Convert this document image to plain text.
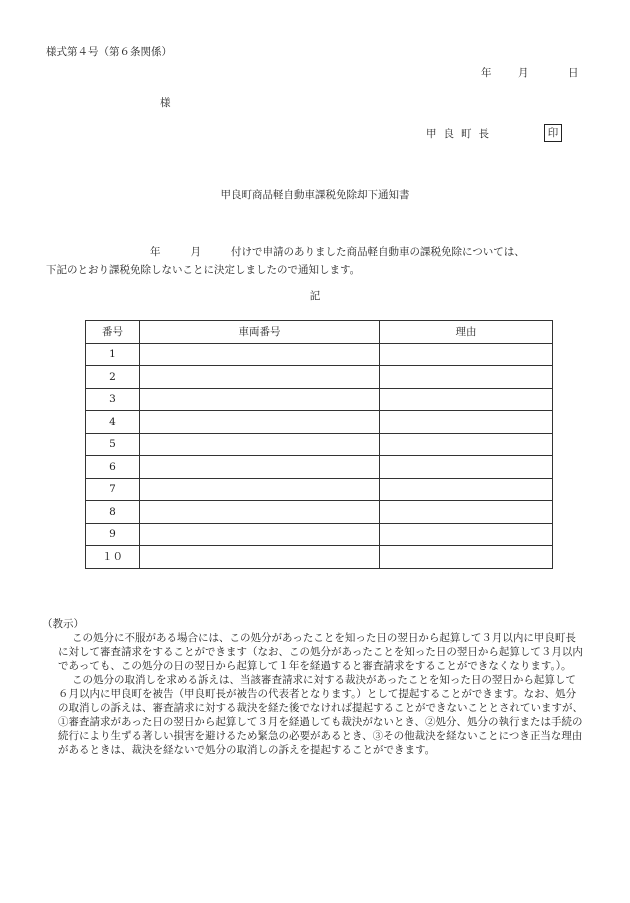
様式第４号（第６条関係）
年	月	日
様
甲良町長	印
甲良町商品軽自動車課税免除却下通知書
年	月	付けで申請のありました商品軽自動車の課税免除については、
下記のとおり課税免除しないことに決定しましたので通知します。
記
番号	車両番号	理由
1		
2		
3		
4		
5		
6		
7		
8		
9		
１０		
（教示）
この処分に不服がある場合には、この処分があったことを知った日の翌日から起算して３月以内に甲良町長に対して審査請求をすることができます（なお、この処分があったことを知った日の翌日から起算して３月以内であっても、この処分の日の翌日から起算して１年を経過すると審査請求をすることができなくなります。）。
この処分の取消しを求める訴えは、当該審査請求に対する裁決があったことを知った日の翌日から起算して６月以内に甲良町を被告（甲良町長が被告の代表者となります。）として提起することができます。なお、処分の取消しの訴えは、審査請求に対する裁決を経た後でなければ提起することができないこととされていますが、①審査請求があった日の翌日から起算して３月を経過しても裁決がないとき、②処分、処分の執行または手続の続行により生ずる著しい損害を避けるため緊急の必要があるとき、③その他裁決を経ないことにつき正当な理由があるときは、裁決を経ないで処分の取消しの訴えを提起することができます。
